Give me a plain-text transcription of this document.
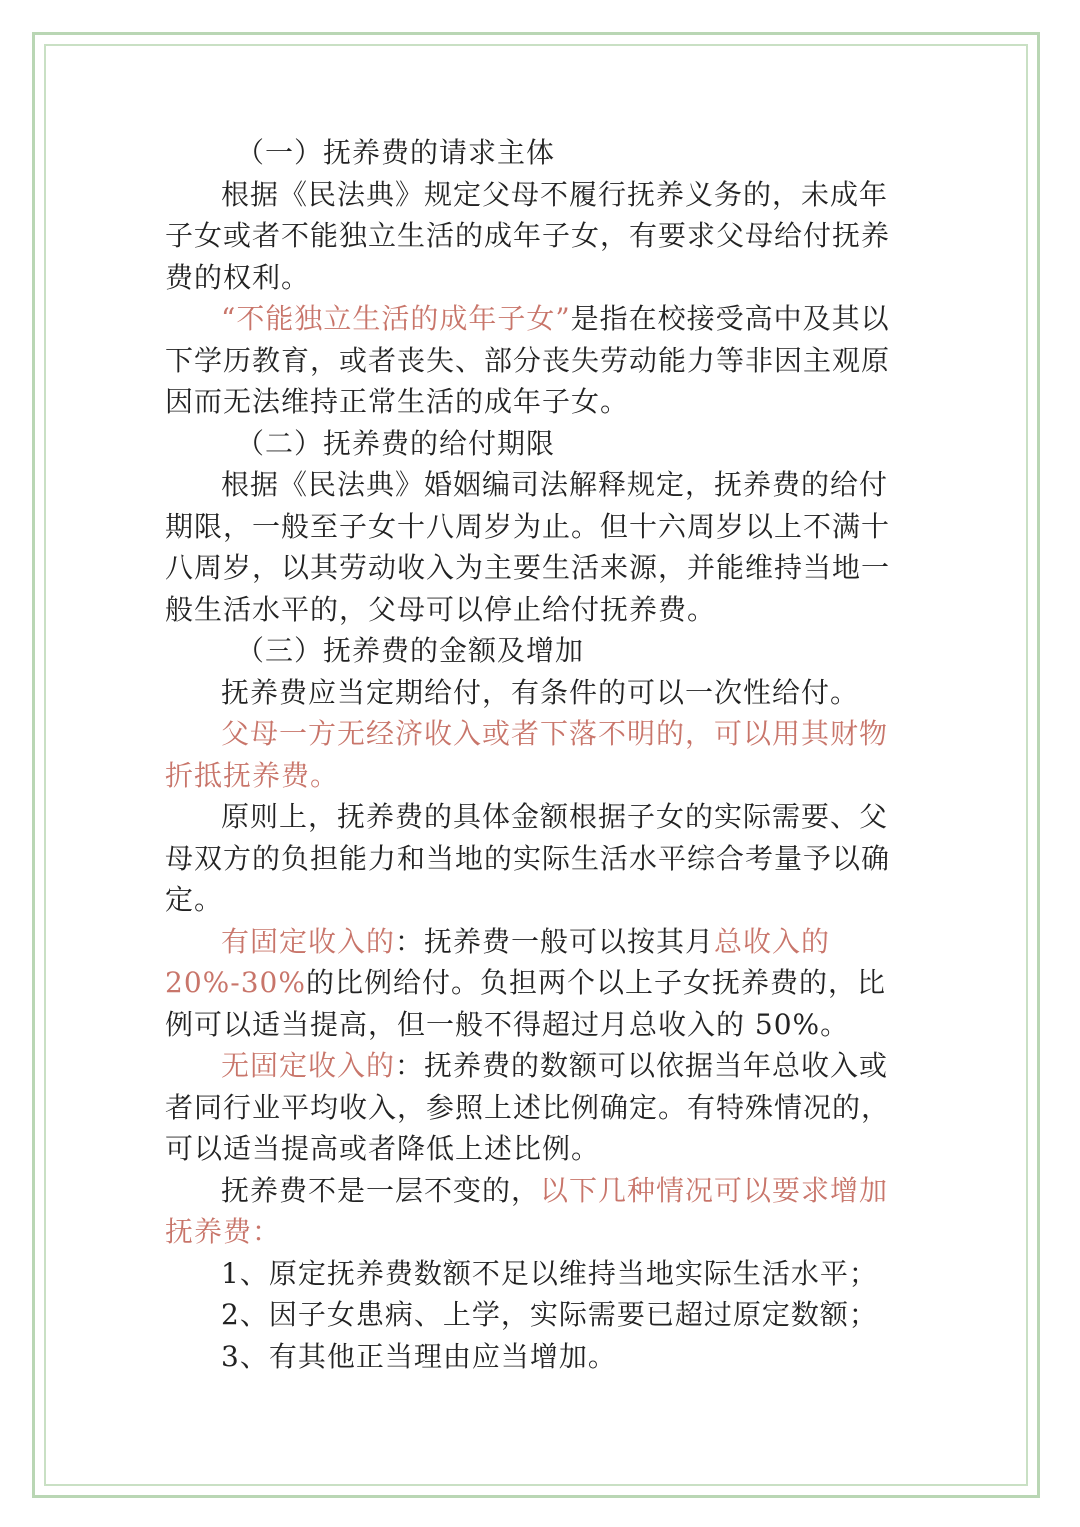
（一）抚养费的请求主体

根据《民法典》规定父母不履行抚养义务的，未成年子女或者不能独立生活的成年子女，有要求父母给付抚养费的权利。

“不能独立生活的成年子女”是指在校接受高中及其以下学历教育，或者丧失、部分丧失劳动能力等非因主观原因而无法维持正常生活的成年子女。

（二）抚养费的给付期限

根据《民法典》婚姻编司法解释规定，抚养费的给付期限，一般至子女十八周岁为止。但十六周岁以上不满十八周岁，以其劳动收入为主要生活来源，并能维持当地一般生活水平的，父母可以停止给付抚养费。

（三）抚养费的金额及增加

抚养费应当定期给付，有条件的可以一次性给付。

父母一方无经济收入或者下落不明的，可以用其财物折抵抚养费。

原则上，抚养费的具体金额根据子女的实际需要、父母双方的负担能力和当地的实际生活水平综合考量予以确定。

有固定收入的：抚养费一般可以按其月总收入的 20%-30%的比例给付。负担两个以上子女抚养费的，比例可以适当提高，但一般不得超过月总收入的 50%。

无固定收入的：抚养费的数额可以依据当年总收入或者同行业平均收入，参照上述比例确定。有特殊情况的，可以适当提高或者降低上述比例。

抚养费不是一层不变的，以下几种情况可以要求增加抚养费：

1、原定抚养费数额不足以维持当地实际生活水平；

2、因子女患病、上学，实际需要已超过原定数额；

3、有其他正当理由应当增加。
